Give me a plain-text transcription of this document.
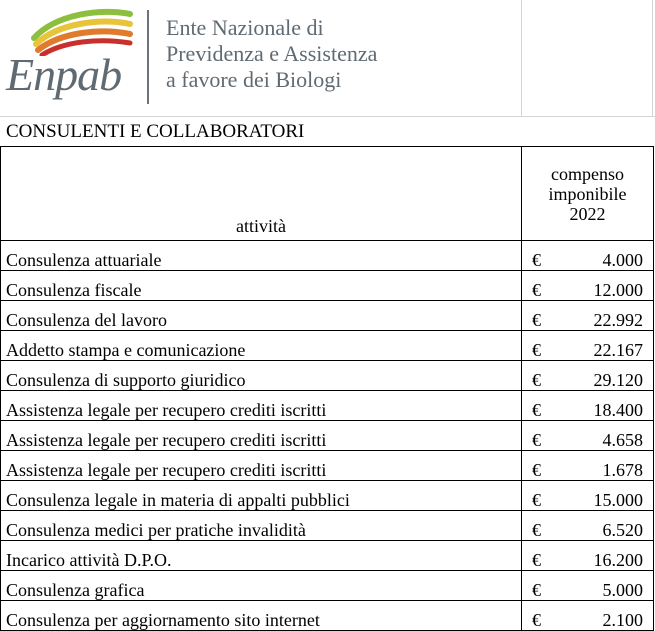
Enpab
Ente Nazionale di
Previdenza e Assistenza
a favore dei Biologi
CONSULENTI E COLLABORATORI
attività	compenso
imponibile
2022	

Consulenza attuariale	€	4.000
Consulenza fiscale	€	12.000
Consulenza del lavoro	€	22.992
Addetto stampa e comunicazione	€	22.167
Consulenza di supporto giuridico	€	29.120
Assistenza legale per recupero crediti iscritti	€	18.400
Assistenza legale per recupero crediti iscritti	€	4.658
Assistenza legale per recupero crediti iscritti	€	1.678
Consulenza legale in materia di appalti pubblici	€	15.000
Consulenza medici per pratiche invalidità	€	6.520
Incarico attività D.P.O.	€	16.200
Consulenza grafica	€	5.000
Consulenza per aggiornamento sito internet	€	2.100
